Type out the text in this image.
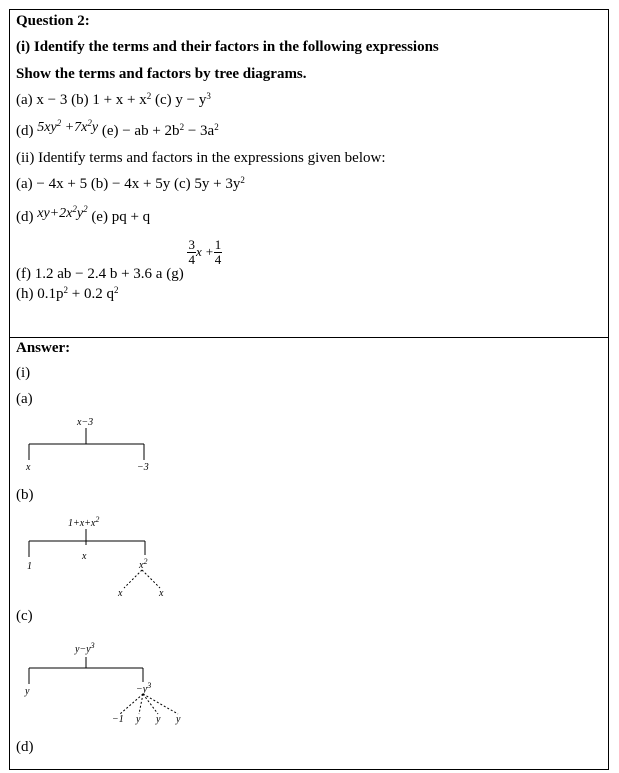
Question 2:
(i) Identify the terms and their factors in the following expressions
Show the terms and factors by tree diagrams.
(a) x − 3 (b) $1 + x + x^2$ (c) $y - y^3$
(d) $5xy^2 +7x^2y$ (e) − ab + $2b^2 - 3a^2$
(ii) Identify terms and factors in the expressions given below:
(a) − 4x + 5 (b) − 4x + 5y (c) $5y + 3y^2$
(d) $xy+2x^2y^2$ (e) pq + q
(f) 1.2 ab − 2.4 b + 3.6 a (g)
$\frac{3}{4}$ $x + \frac{1}{4}$
(h) $0.1p^2 + 0.2$ $q^2$
Answer:
(i)
(a)
(b)
(c)
(d)
x−3
x	−3
$1+x+x^2$
1
x
$x^2$
x	x
$y-y^3$
y	$-y^3$
−1 y y y
